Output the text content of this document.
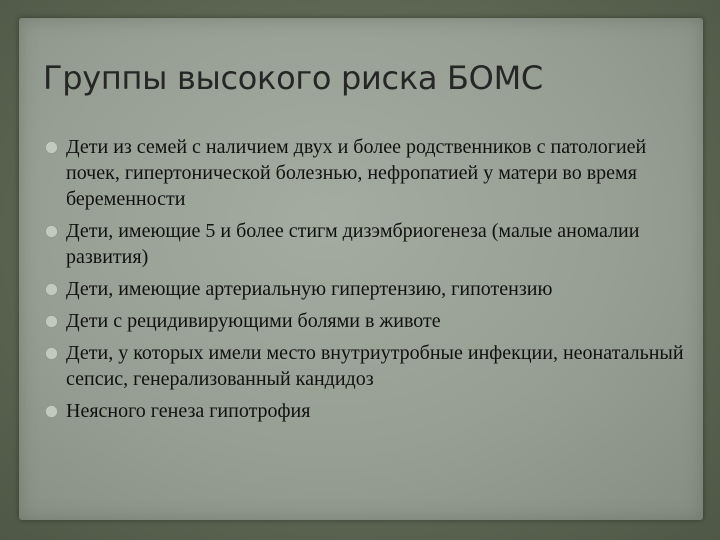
Группы высокого риска БОМС
Дети из семей с наличием двух и более родственников с патологией почек, гипертонической болезнью, нефропатией у матери во время беременности
Дети, имеющие 5 и более стигм дизэмбриогенеза (малые аномалии развития)
Дети, имеющие артериальную гипертензию, гипотензию
Дети с рецидивирующими болями в животе
Дети, у которых имели место внутриутробные инфекции, неонатальный сепсис, генерализованный кандидоз
Неясного генеза гипотрофия
